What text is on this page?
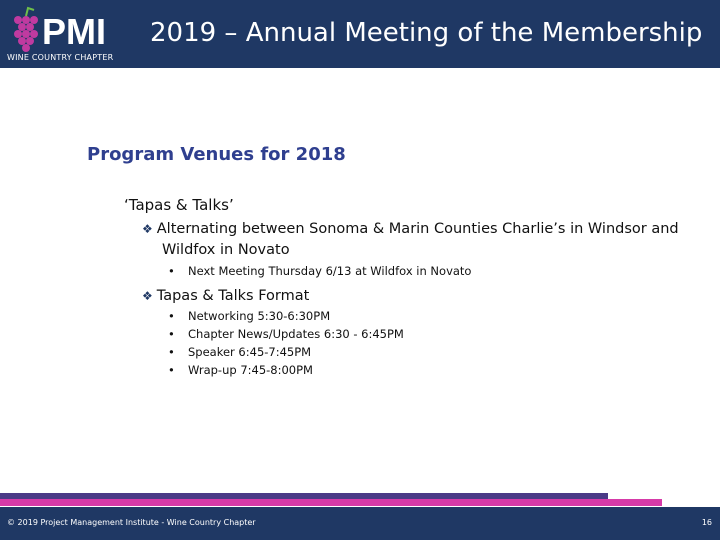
PMI
WINE COUNTRY CHAPTER
2019 – Annual Meeting of the Membership
Program Venues for 2018
‘Tapas & Talks’
❖ Alternating between Sonoma & Marin Counties Charlie’s in Windsor and
Wildfox in Novato
• Next Meeting Thursday 6/13 at Wildfox in Novato
❖ Tapas & Talks Format
• Networking 5:30-6:30PM
• Chapter News/Updates 6:30 - 6:45PM
• Speaker 6:45-7:45PM
• Wrap-up 7:45-8:00PM
© 2019 Project Management Institute - Wine Country Chapter	16
